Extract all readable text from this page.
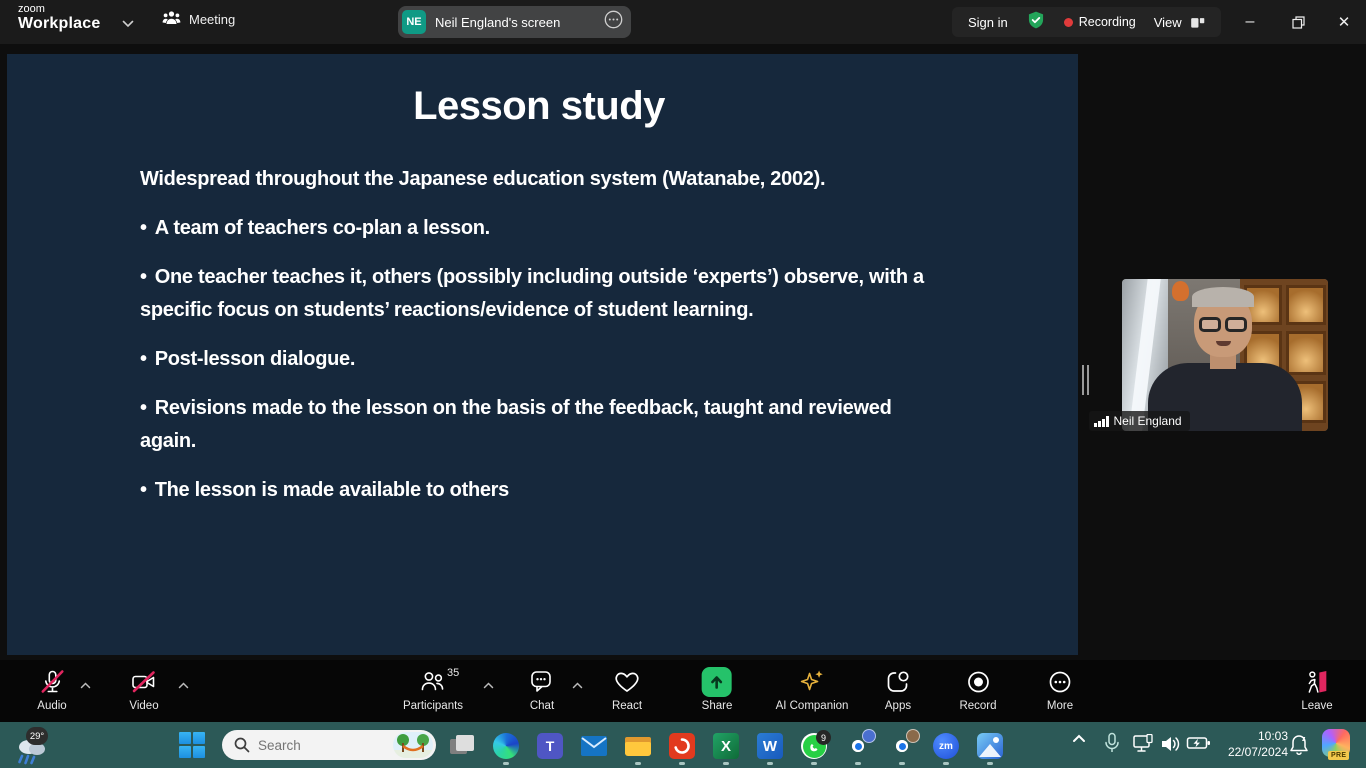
zoom
Workplace	Meeting	NE	Neil England's screen	Sign in	Recording View	–	✕
Lesson study

Widespread throughout the Japanese education system (Watanabe, 2002).

• A team of teachers co-plan a lesson.

• One teacher teaches it, others (possibly including outside ‘experts’) observe, with a specific focus on students’ reactions/evidence of student learning.

• Post-lesson dialogue.

• Revisions made to the lesson on the basis of the feedback, taught and reviewed again.

• The lesson is made available to others

Neil England
Audio	Video	Participants
35
Chat	React	Share	AI Companion	Apps	Record	More	Leave
29°
Search
T	X	W	9
zm
10:03
22/07/2024
z
PRE
